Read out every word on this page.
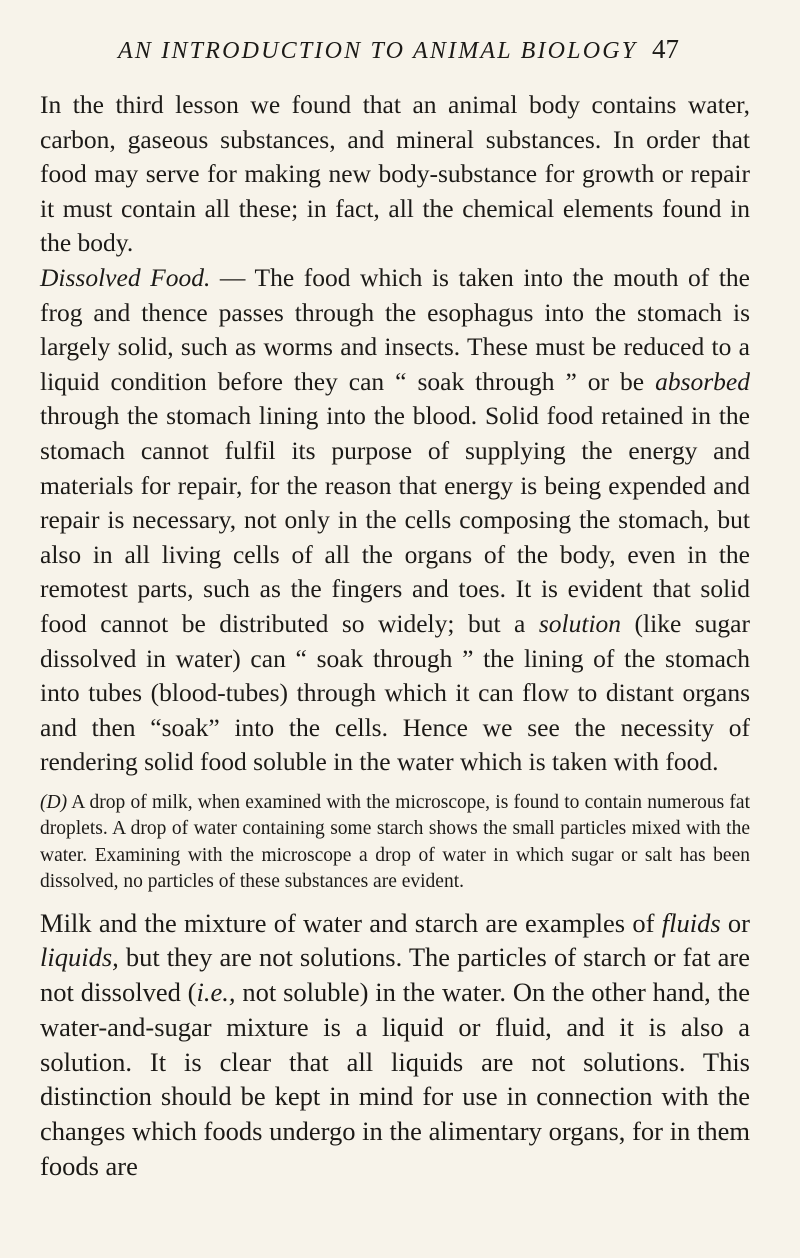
AN INTRODUCTION TO ANIMAL BIOLOGY 47

In the third lesson we found that an animal body contains water, carbon, gaseous substances, and mineral substances. In order that food may serve for making new body-substance for growth or repair it must contain all these; in fact, all the chemical elements found in the body.

Dissolved Food. — The food which is taken into the mouth of the frog and thence passes through the esophagus into the stomach is largely solid, such as worms and insects. These must be reduced to a liquid condition before they can “ soak through ” or be absorbed through the stomach lining into the blood. Solid food retained in the stomach cannot fulfil its purpose of supplying the energy and materials for repair, for the reason that energy is being expended and repair is necessary, not only in the cells composing the stomach, but also in all living cells of all the organs of the body, even in the remotest parts, such as the fingers and toes. It is evident that solid food cannot be distributed so widely; but a solution (like sugar dissolved in water) can “ soak through ” the lining of the stomach into tubes (blood-tubes) through which it can flow to distant organs and then “soak” into the cells. Hence we see the necessity of rendering solid food soluble in the water which is taken with food.

(D) A drop of milk, when examined with the microscope, is found to contain numerous fat droplets. A drop of water containing some starch shows the small particles mixed with the water. Examining with the microscope a drop of water in which sugar or salt has been dissolved, no particles of these substances are evident.

Milk and the mixture of water and starch are examples of fluids or liquids, but they are not solutions. The particles of starch or fat are not dissolved (i.e., not soluble) in the water. On the other hand, the water-and-sugar mixture is a liquid or fluid, and it is also a solution. It is clear that all liquids are not solutions. This distinction should be kept in mind for use in connection with the changes which foods undergo in the alimentary organs, for in them foods are
